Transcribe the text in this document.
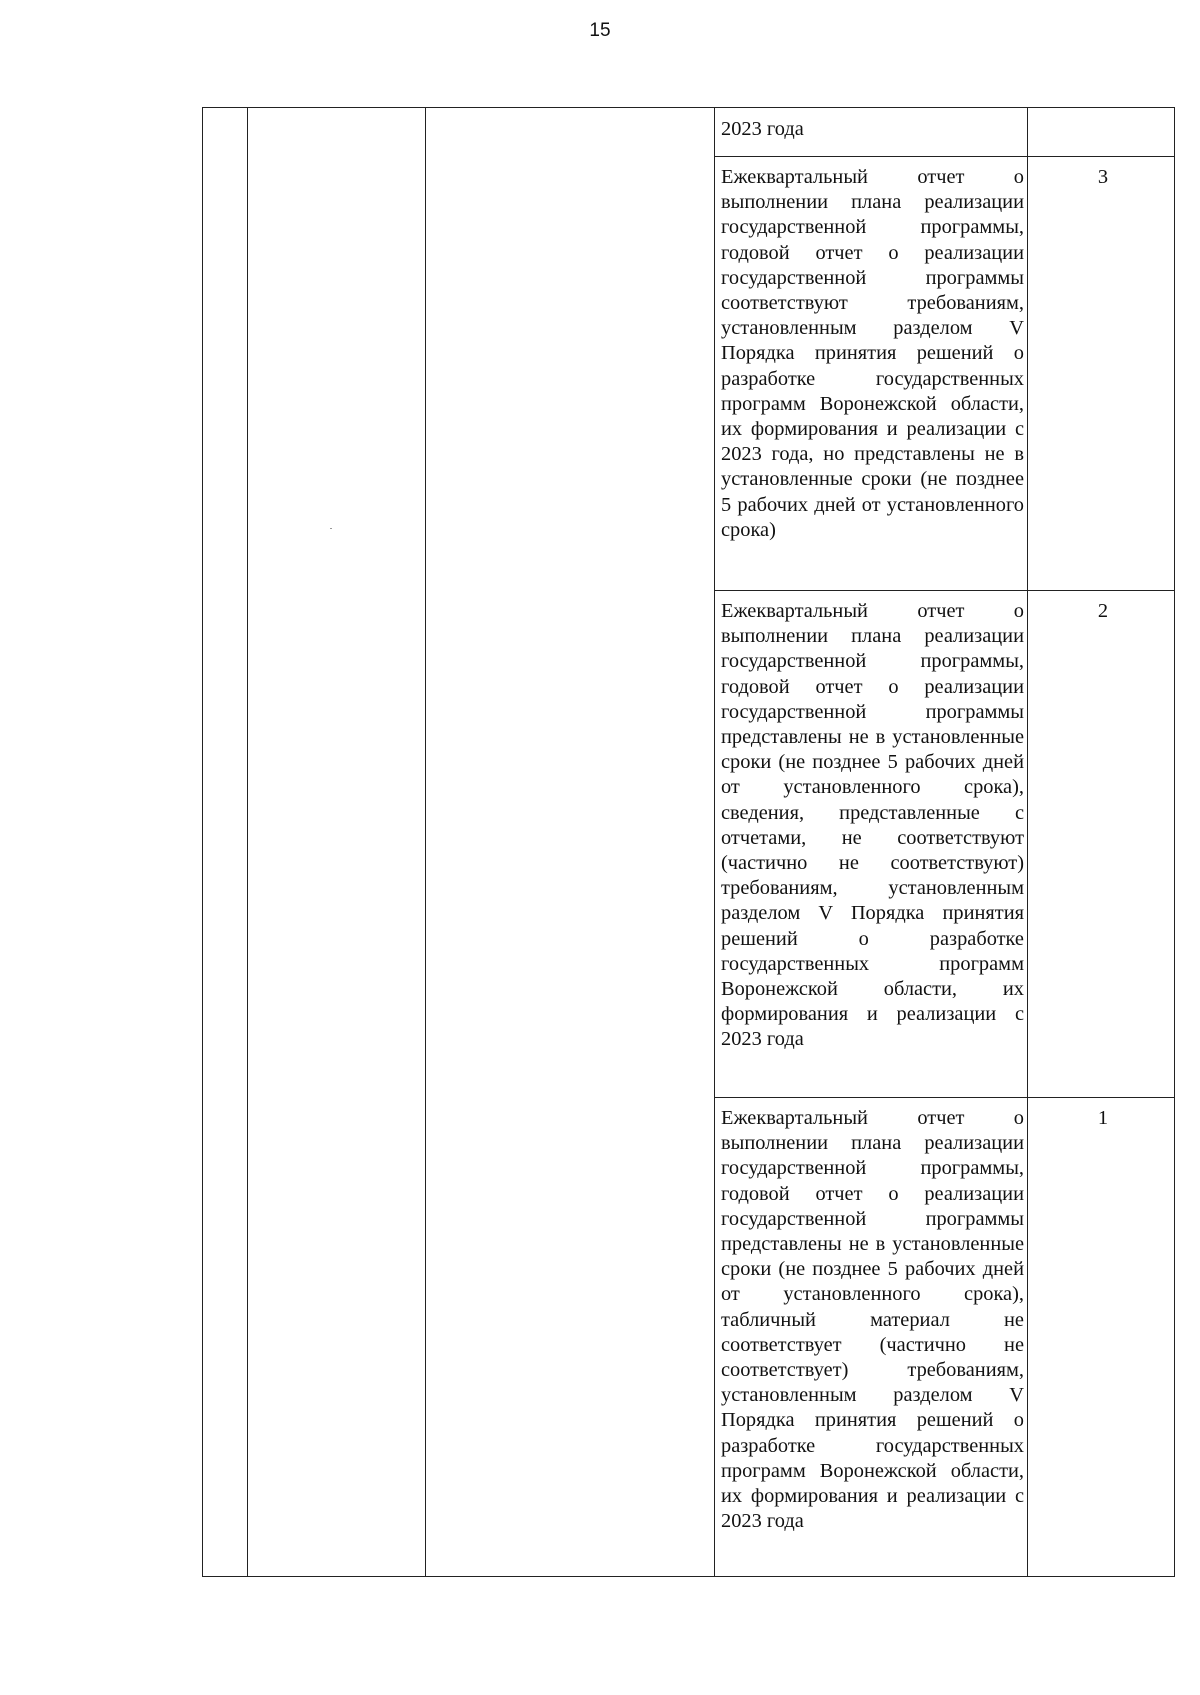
15
2023 года
Ежеквартальный отчет о выполнении плана реализации государственной программы, годовой отчет о реализации государственной программы соответствуют требованиям, установленным разделом V Порядка принятия решений о разработке государственных программ Воронежской области, их формирования и реализации с 2023 года, но представлены не в установленные сроки (не позднее 5 рабочих дней от установленного срока)
3
Ежеквартальный отчет о выполнении плана реализации государственной программы, годовой отчет о реализации государственной программы представлены не в установленные сроки (не позднее 5 рабочих дней от установленного срока), сведения, представленные с отчетами, не соответствуют (частично не соответствуют) требованиям, установленным разделом V Порядка принятия решений о разработке государственных программ Воронежской области, их формирования и реализации с 2023 года
2
Ежеквартальный отчет о выполнении плана реализации государственной программы, годовой отчет о реализации государственной программы представлены не в установленные сроки (не позднее 5 рабочих дней от установленного срока), табличный материал не соответствует (частично не соответствует) требованиям, установленным разделом V Порядка принятия решений о разработке государственных программ Воронежской области, их формирования и реализации с 2023 года
1
